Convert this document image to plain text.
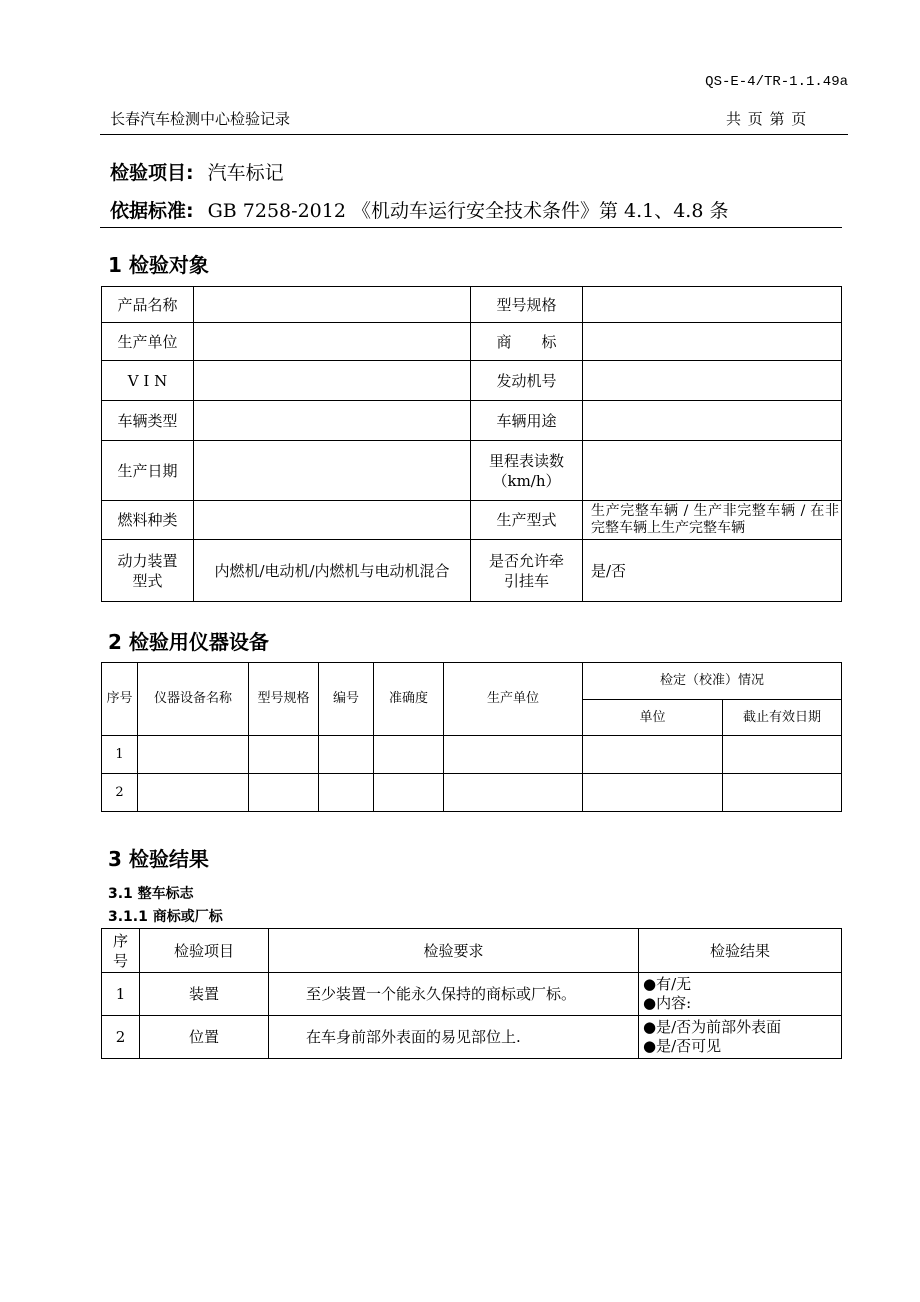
QS-E-4/TR-1.1.49a
长春汽车检测中心检验记录	共 页 第 页
检验项目: 汽车标记
依据标准: GB 7258-2012 《机动车运行安全技术条件》第 4.1、4.8 条
1 检验对象
产品名称		型号规格	
生产单位		商　　标	
V I N		发动机号	
车辆类型		车辆用途	
生产日期		里程表读数
（km/h）	
燃料种类		生产型式	生产完整车辆 / 生产非完整车辆 / 在非完整车辆上生产完整车辆
动力装置
型式	内燃机/电动机/内燃机与电动机混合	是否允许牵
引挂车	是/否
2 检验用仪器设备
序号	仪器设备名称	型号规格	编号	准确度	生产单位	检定（校准）情况	
						单位	截止有效日期
1							
2							
3 检验结果
3.1 整车标志
3.1.1 商标或厂标
序
号	检验项目	检验要求	检验结果
1	装置	至少装置一个能永久保持的商标或厂标。	●有/无
●内容:

2	位置	在车身前部外表面的易见部位上.	●是/否为前部外表面
●是/否可见
